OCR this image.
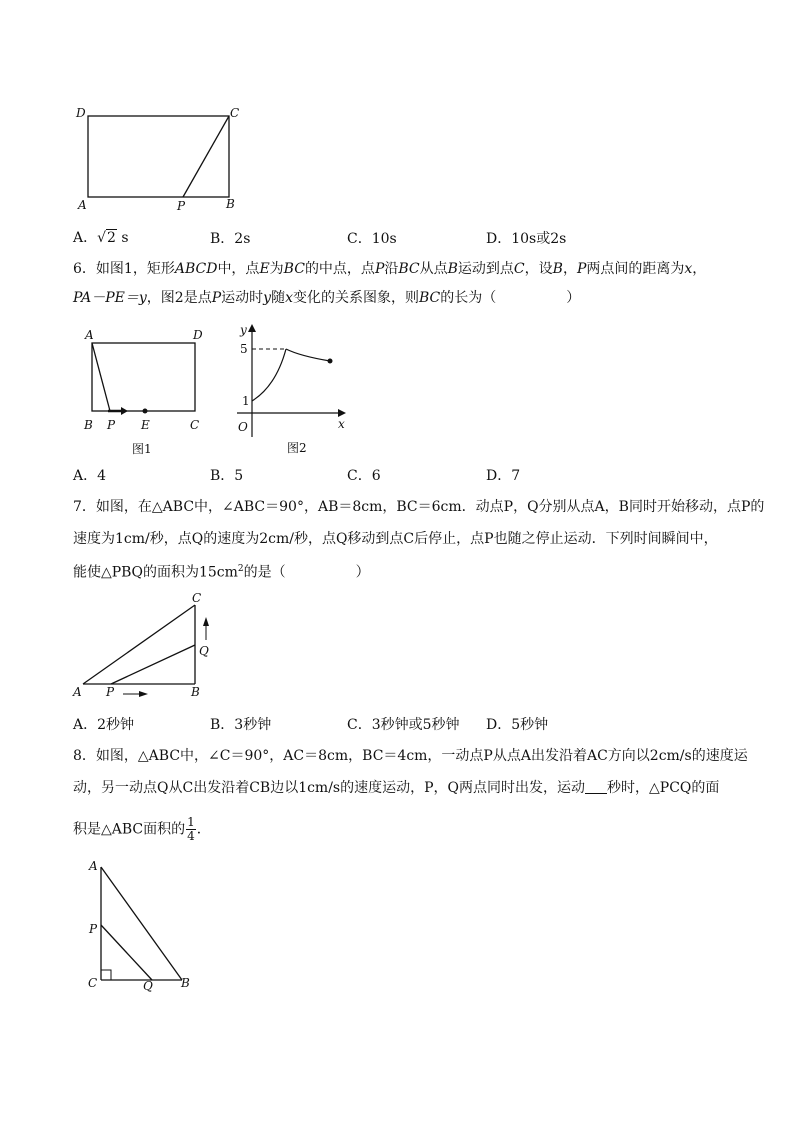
D	C
A	P	B
A．√2 s	B．2s	C．10s	D．10s或2s
6．如图1，矩形ABCD中，点E为BC的中点，点P沿BC从点B运动到点C，设B，P两点间的距离为x，
PA－PE＝y，图2是点P运动时y随x变化的关系图象，则BC的长为（　　　　　）
A	D
B P E	C
图1
y
5
1
O	x
图2
A．4	B．5	C．6	D．7
7．如图，在△ABC中，∠ABC＝90°，AB＝8cm，BC＝6cm．动点P，Q分别从点A，B同时开始移动，点P的
速度为1cm/秒，点Q的速度为2cm/秒，点Q移动到点C后停止，点P也随之停止运动．下列时间瞬间中，
能使△PBQ的面积为$15cm^2$的是（　　　　　）
C
Q
A P	B
A．2秒钟	B．3秒钟	C．3秒钟或5秒钟 D．5秒钟
8．如图，△ABC中，∠C＝90°，AC＝8cm，BC＝4cm，一动点P从点A出发沿着AC方向以2cm/s的速度运
动，另一动点Q从C出发沿着CB边以1cm/s的速度运动，P，Q两点同时出发，运动 秒时，△PCQ的面
积是△ABC面积的 $\frac{1}{4}$ ．
A
P
C	Q B
